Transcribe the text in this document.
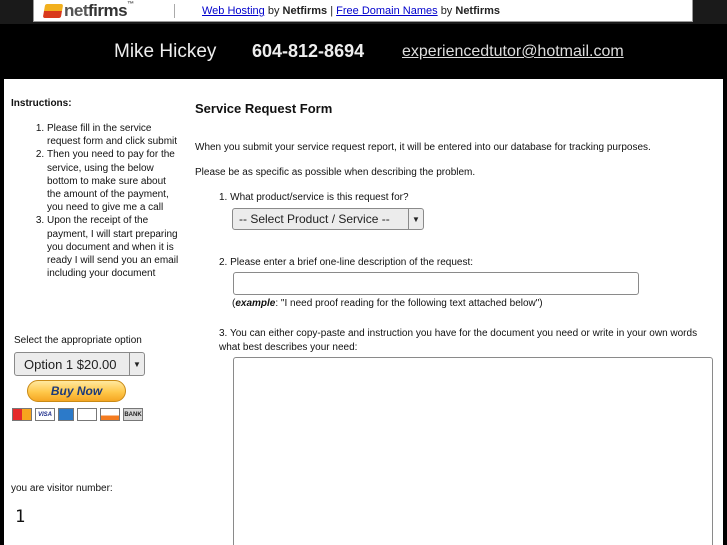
netfirms™
Web Hosting by Netfirms | Free Domain Names by Netfirms
Mike Hickey 604-812-8694 experiencedtutor@hotmail.com
Instructions:
1. Please fill in the service request form and click submit
2. Then you need to pay for the service, using the below bottom to make sure about the amount of the payment, you need to give me a call
3. Upon the receipt of the payment, I will start preparing you document and when it is ready I will send you an email including your document
Select the appropriate option
Option 1 $20.00	▼
Buy Now
VISA	BANK
you are visitor number:
1
Service Request Form
When you submit your service request report, it will be entered into our database for tracking purposes.
Please be as specific as possible when describing the problem.
1. What product/service is this request for?
-- Select Product / Service --	▼
2. Please enter a brief one-line description of the request:
(example: "I need proof reading for the following text attached below")
3. You can either copy-paste and instruction you have for the document you need or write in your own words what best describes your need:
